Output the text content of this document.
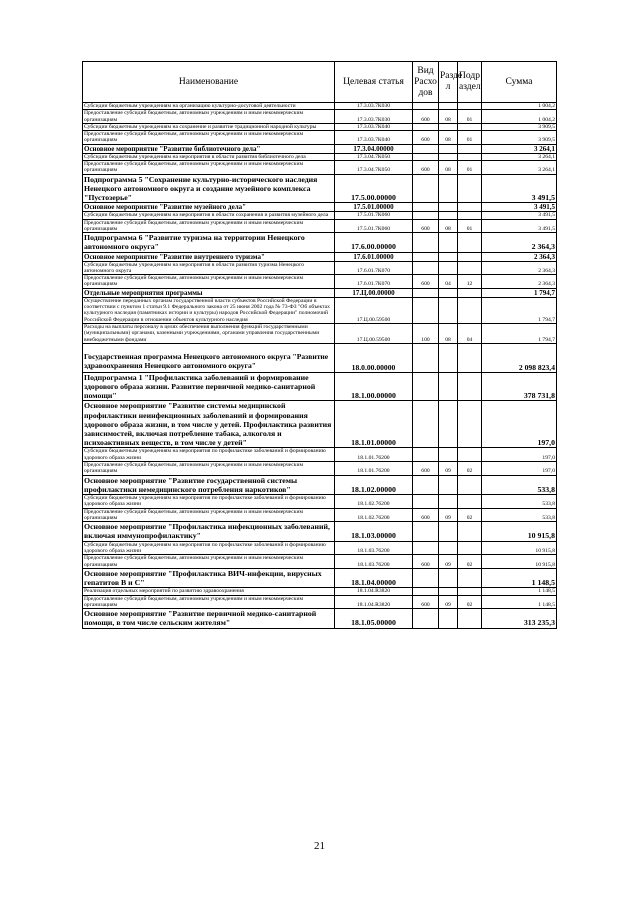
Наименование	Целевая статья	Вид Расхо дов	Разде л	Подр аздел	Сумма
Субсидии бюджетным учреждениям на организацию культурно-досуговой деятельности	17.3.03.7К030				1 004,2
Предоставление субсидий бюджетным, автономным учреждениям и иным некоммерческим организациям	17.3.03.7К030	600	08	01	1 004,2
Субсидии бюджетным учреждениям на сохранение и развитие традиционной народной культуры	17.3.03.7К040				3 909,5
Предоставление субсидий бюджетным, автономным учреждениям и иным некоммерческим организациям	17.3.03.7К040	600	08	01	3 909,5
Основное мероприятие "Развитие библиотечного дела"	17.3.04.00000				3 264,1
Субсидии бюджетным учреждениям на мероприятия в области развития библиотечного дела	17.3.04.7К050				3 264,1
Предоставление субсидий бюджетным, автономным учреждениям и иным некоммерческим организациям	17.3.04.7К050	600	08	01	3 264,1
Подпрограмма 5 "Сохранение культурно-исторического наследия Ненецкого автономного округа и создание музейного комплекса "Пустозерье"	17.5.00.00000				3 491,5
Основное мероприятие "Развитие музейного дела"	17.5.01.00000				3 491,5
Субсидии бюджетным учреждениям на мероприятия в области сохранения и развития музейного дела	17.5.01.7К060				3 491,5
Предоставление субсидий бюджетным, автономным учреждениям и иным некоммерческим организациям	17.5.01.7К060	600	08	01	3 491,5
Подпрограмма 6 "Развитие туризма на территории Ненецкого автономного округа"	17.6.00.00000				2 364,3
Основное мероприятие "Развитие внутреннего туризма"	17.6.01.00000				2 364,3
Субсидии бюджетным учреждениям на мероприятия в области развития туризма Ненецкого автономного округа	17.6.01.7К070				2 364,3
Предоставление субсидий бюджетным, автономным учреждениям и иным некоммерческим организациям	17.6.01.7К070	600	04	12	2 364,3
Отдельные мероприятия программы	17.Ц.00.00000				1 794,7
Осуществление переданных органам государственной власти субъектов Российской Федерации в соответствии с пунктом 1 статьи 9.1 Федерального закона от 25 июня 2002 года № 73-ФЗ "Об объектах культурного наследия (памятниках истории и культуры) народов Российской Федерации" полномочий Российской Федерации в отношении объектов культурного наследия	17.Ц.00.59500				1 794,7
Расходы на выплаты персоналу в целях обеспечения выполнения функций государственными (муниципальными) органами, казенными учреждениями, органами управления государственными внебюджетными фондами	17.Ц.00.59500	100	08	04	1 794,7
Государственная программа Ненецкого автономного округа "Развитие здравоохранения Ненецкого автономного округа"	18.0.00.00000				2 098 823,4
Подпрограмма 1 "Профилактика заболеваний и формирование здорового образа жизни. Развитие первичной медико-санитарной помощи"	18.1.00.00000				378 731,8
Основное мероприятие "Развитие системы медицинской профилактики неинфекционных заболеваний и формирования здорового образа жизни, в том числе у детей. Профилактика развития зависимостей, включая потребление табака, алкоголя и психоактивных веществ, в том числе у детей"	18.1.01.00000				197,0
Субсидии бюджетным учреждениям на мероприятия по профилактике заболеваний и формированию здорового образа жизни	18.1.01.76200				197,0
Предоставление субсидий бюджетным, автономным учреждениям и иным некоммерческим организациям	18.1.01.76200	600	09	02	197,0
Основное мероприятие "Развитие государственной системы профилактики немедицинского потребления наркотиков"	18.1.02.00000				533,8
Субсидии бюджетным учреждениям на мероприятия по профилактике заболеваний и формированию здорового образа жизни	18.1.02.76200				533,8
Предоставление субсидий бюджетным, автономным учреждениям и иным некоммерческим организациям	18.1.02.76200	600	09	02	533,8
Основное мероприятие "Профилактика инфекционных заболеваний, включая иммунопрофилактику"	18.1.03.00000				10 915,8
Субсидии бюджетным учреждениям на мероприятия по профилактике заболеваний и формированию здорового образа жизни	18.1.03.76200				10 915,8
Предоставление субсидий бюджетным, автономным учреждениям и иным некоммерческим организациям	18.1.03.76200	600	09	02	10 915,8
Основное мероприятие "Профилактика ВИЧ-инфекции, вирусных гепатитов В и С"	18.1.04.00000				1 148,5
Реализация отдельных мероприятий по развитию здравоохранения	18.1.04.R3820				1 148,5
Предоставление субсидий бюджетным, автономным учреждениям и иным некоммерческим организациям	18.1.04.R3820	600	09	02	1 148,5
Основное мероприятие "Развитие первичной медико-санитарной помощи, в том числе сельским жителям"	18.1.05.00000				313 235,3
21
